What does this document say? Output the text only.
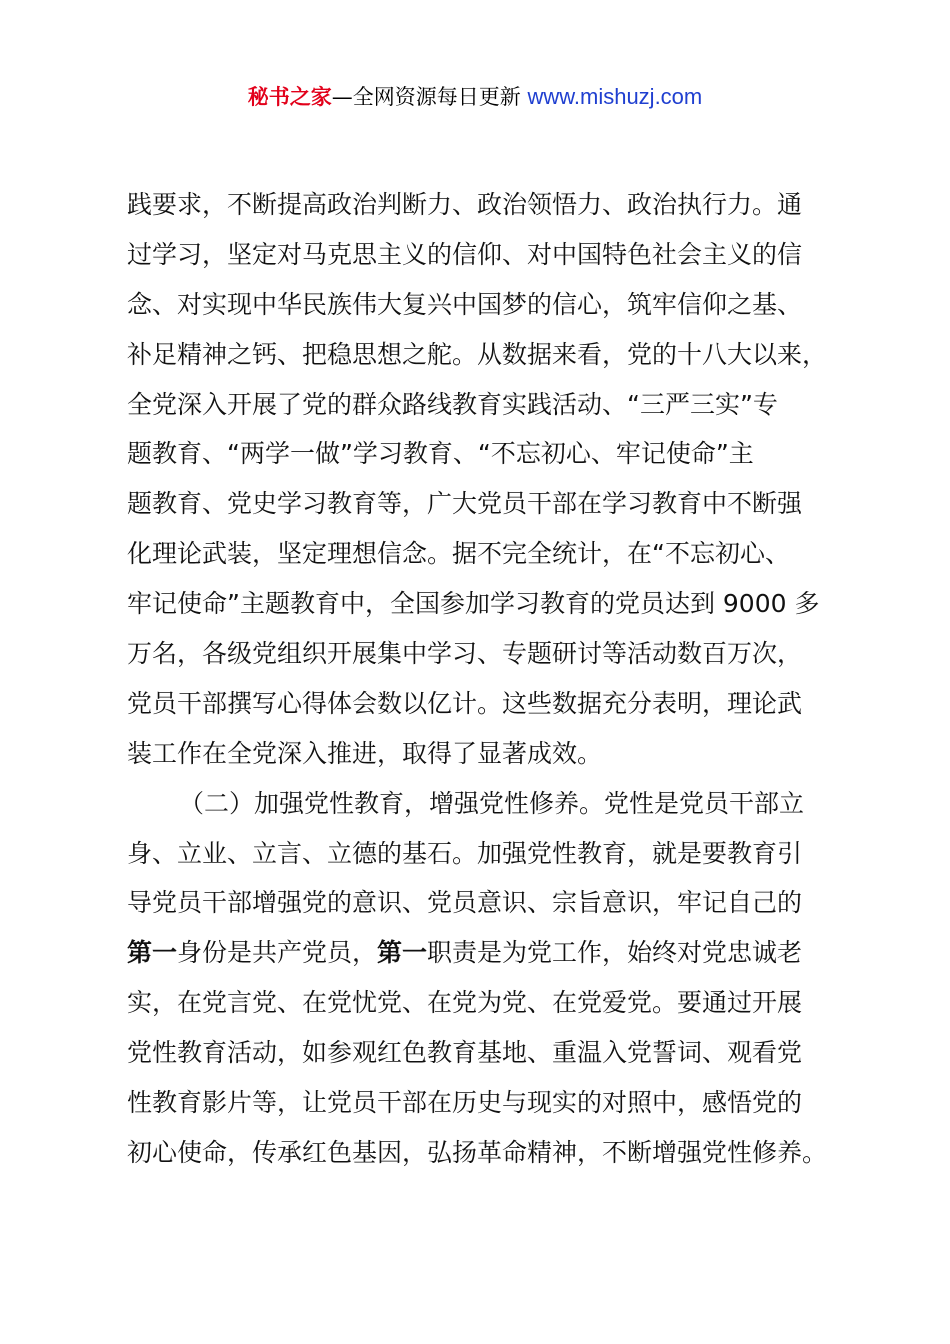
秘书之家—全网资源每日更新 www.mishuzj.com
践要求，不断提高政治判断力、政治领悟力、政治执行力。通
过学习，坚定对马克思主义的信仰、对中国特色社会主义的信
念、对实现中华民族伟大复兴中国梦的信心，筑牢信仰之基、
补足精神之钙、把稳思想之舵。从数据来看，党的十八大以来，
全党深入开展了党的群众路线教育实践活动、“三严三实”专
题教育、“两学一做”学习教育、“不忘初心、牢记使命”主
题教育、党史学习教育等，广大党员干部在学习教育中不断强
化理论武装，坚定理想信念。据不完全统计，在“不忘初心、
牢记使命”主题教育中，全国参加学习教育的党员达到 9000 多
万名，各级党组织开展集中学习、专题研讨等活动数百万次，
党员干部撰写心得体会数以亿计。这些数据充分表明，理论武
装工作在全党深入推进，取得了显著成效。
（二）加强党性教育，增强党性修养。党性是党员干部立
身、立业、立言、立德的基石。加强党性教育，就是要教育引
导党员干部增强党的意识、党员意识、宗旨意识，牢记自己的
第一身份是共产党员，第一职责是为党工作，始终对党忠诚老
实，在党言党、在党忧党、在党为党、在党爱党。要通过开展
党性教育活动，如参观红色教育基地、重温入党誓词、观看党
性教育影片等，让党员干部在历史与现实的对照中，感悟党的
初心使命，传承红色基因，弘扬革命精神，不断增强党性修养。
